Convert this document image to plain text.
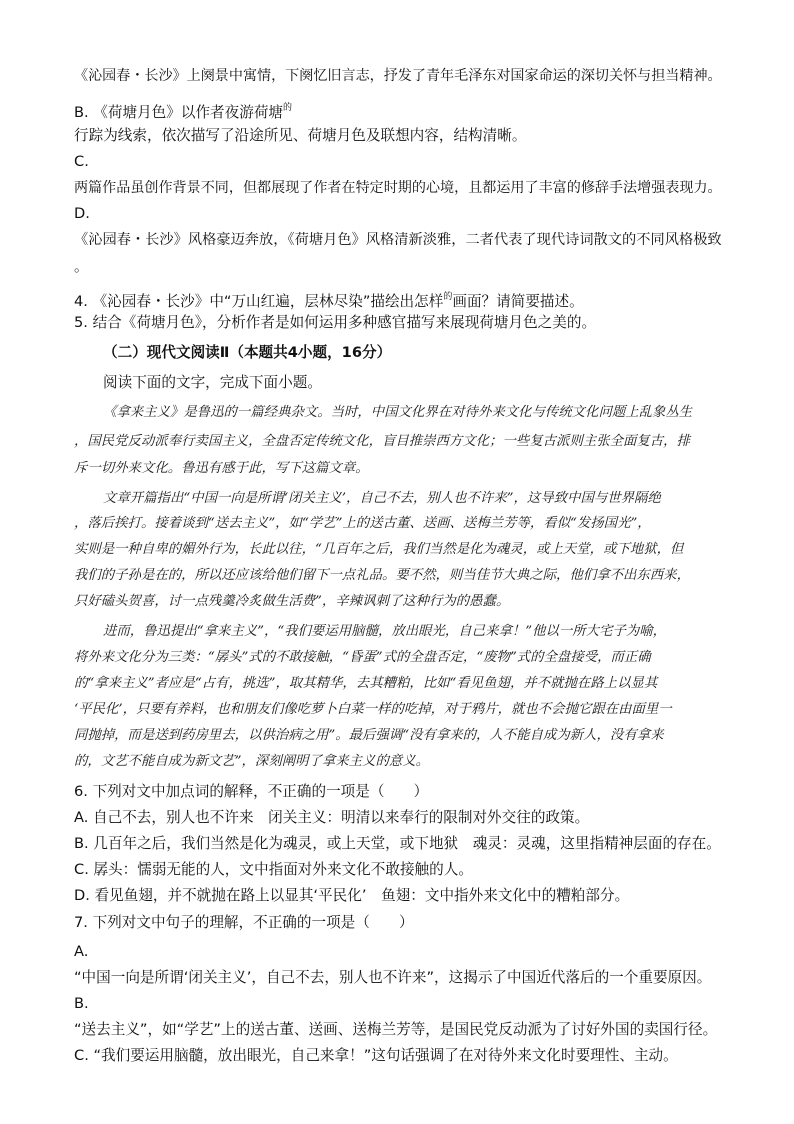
《沁园春・长沙》上阕景中寓情，下阕忆旧言志，抒发了青年毛泽东对国家命运的深切关怀与担当精神。
B. 《荷塘月色》以作者夜游荷塘$^的$
行踪为线索，依次描写了沿途所见、荷塘月色及联想内容，结构清晰。
C.
两篇作品虽创作背景不同，但都展现了作者在特定时期的心境，且都运用了丰富的修辞手法增强表现力。
D.
《沁园春・长沙》风格豪迈奔放，《荷塘月色》风格清新淡雅，二者代表了现代诗词散文的不同风格极致
。
4. 《沁园春・长沙》中“万山红遍，层林尽染”描绘出怎样$^的$画面？请简要描述。
5. 结合《荷塘月色》，分析作者是如何运用多种感官描写来展现荷塘月色之美的。
（二）现代文阅读Ⅱ（本题共4小题，16分）
阅读下面的文字，完成下面小题。
《拿来主义》是鲁迅的一篇经典杂文。当时，中国文化界在对待外来文化与传统文化问题上乱象丛生
，国民党反动派奉行卖国主义，全盘否定传统文化，盲目推崇西方文化；一些复古派则主张全面复古，排
斥一切外来文化。鲁迅有感于此，写下这篇文章。
文章开篇指出“中国一向是所谓‘闭关主义’，自己不去，别人也不许来”，这导致中国与世界隔绝
，落后挨打。接着谈到“送去主义”，如“学艺”上的送古董、送画、送梅兰芳等，看似“发扬国光”，
实则是一种自卑的媚外行为，长此以往，“几百年之后，我们当然是化为魂灵，或上天堂，或下地狱，但
我们的子孙是在的，所以还应该给他们留下一点礼品。要不然，则当佳节大典之际，他们拿不出东西来，
只好磕头贺喜，讨一点残羹冷炙做生活费”，辛辣讽刺了这种行为的愚蠢。
进而，鲁迅提出“拿来主义”，“我们要运用脑髓，放出眼光，自己来拿！”他以一所大宅子为喻，
将外来文化分为三类：“孱头”式的不敢接触，“昏蛋”式的全盘否定，“废物”式的全盘接受，而正确
的“拿来主义”者应是“占有，挑选”，取其精华，去其糟粕，比如“看见鱼翅，并不就抛在路上以显其
‘平民化’，只要有养料，也和朋友们像吃萝卜白菜一样的吃掉，对于鸦片，就也不会抛它跟在由面里一
同抛掉，而是送到药房里去，以供治病之用”。最后强调“没有拿来的，人不能自成为新人，没有拿来
的，文艺不能自成为新文艺”，深刻阐明了拿来主义的意义。
6. 下列对文中加点词的解释，不正确的一项是（　　）
A. 自己不去，别人也不许来　闭关主义：明清以来奉行的限制对外交往的政策。
B. 几百年之后，我们当然是化为魂灵，或上天堂，或下地狱　魂灵：灵魂，这里指精神层面的存在。
C. 孱头：懦弱无能的人，文中指面对外来文化不敢接触的人。
D. 看见鱼翅，并不就抛在路上以显其‘平民化’　鱼翅：文中指外来文化中的糟粕部分。
7. 下列对文中句子的理解，不正确的一项是（　　）
A.
“中国一向是所谓‘闭关主义’，自己不去，别人也不许来”，这揭示了中国近代落后的一个重要原因。
B.
“送去主义”，如“学艺”上的送古董、送画、送梅兰芳等，是国民党反动派为了讨好外国的卖国行径。
C. “我们要运用脑髓，放出眼光，自己来拿！”这句话强调了在对待外来文化时要理性、主动。
